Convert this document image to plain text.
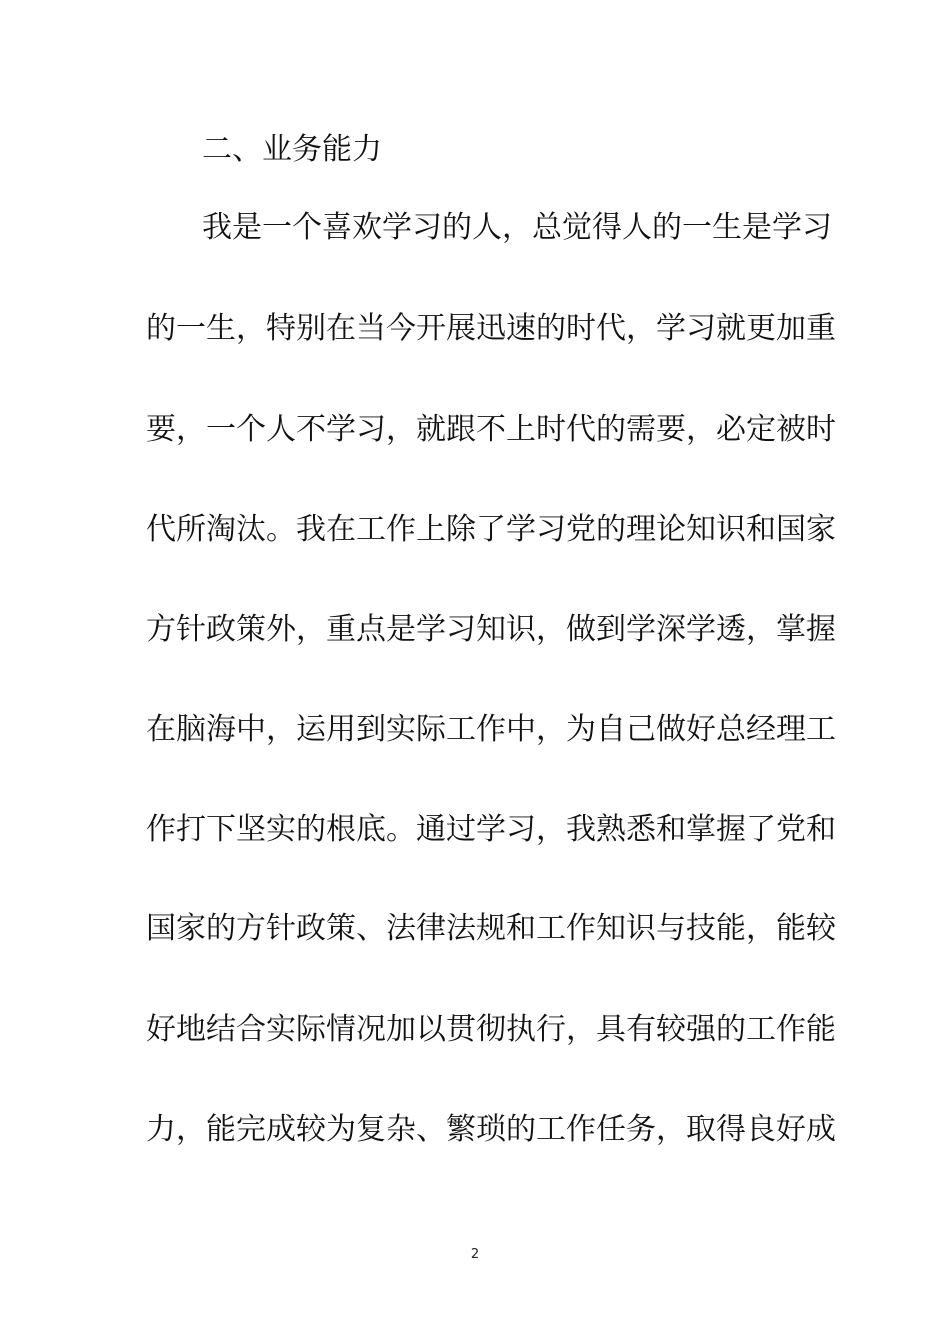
二、业务能力
我是一个喜欢学习的人，总觉得人的一生是学习
的一生，特别在当今开展迅速的时代，学习就更加重
要，一个人不学习，就跟不上时代的需要，必定被时
代所淘汰。我在工作上除了学习党的理论知识和国家
方针政策外，重点是学习知识，做到学深学透，掌握
在脑海中，运用到实际工作中，为自己做好总经理工
作打下坚实的根底。通过学习，我熟悉和掌握了党和
国家的方针政策、法律法规和工作知识与技能，能较
好地结合实际情况加以贯彻执行，具有较强的工作能
力，能完成较为复杂、繁琐的工作任务，取得良好成
2
